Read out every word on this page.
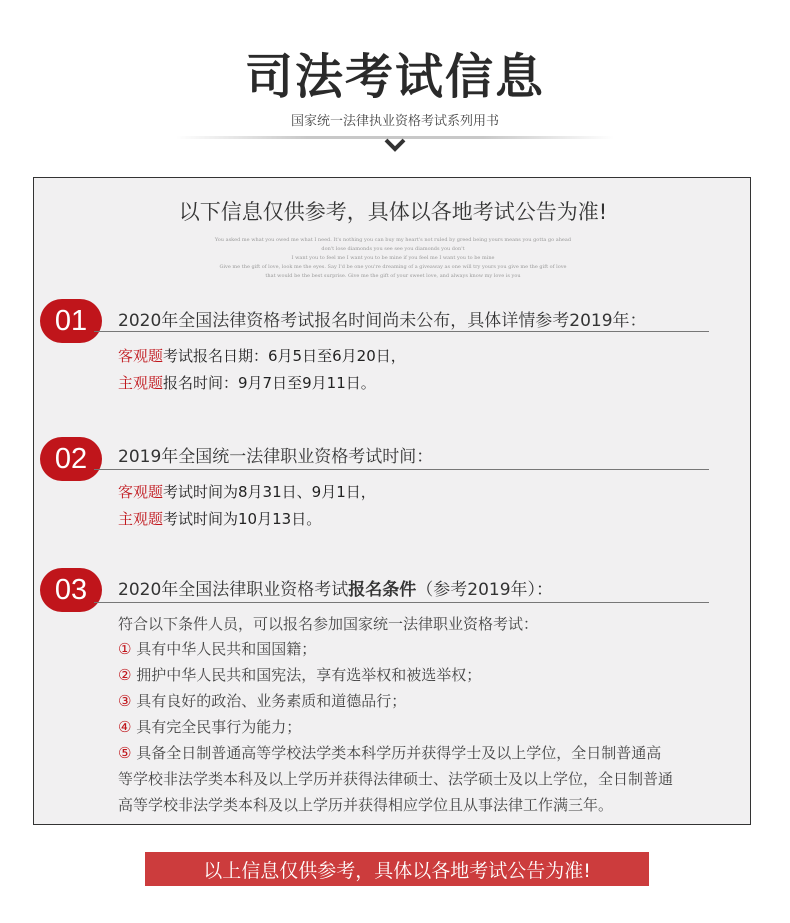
司法考试信息
国家统一法律执业资格考试系列用书
以下信息仅供参考，具体以各地考试公告为准!
You asked me what you owed me what I need. It's nothing you can buy my heart's not ruled by greed being yours means you gotta go ahead
don't lose diamonds you see see you diamonds you don't
I want you to feel me I want you to be mine if you feel me I want you to be mine
Give me the gift of love, look me the eyes. Say I'd be one you're dreaming of a giveaway as one will try yours you give me the gift of love
that would be the best surprise. Give me the gift of your sweet love, and always know my love is you
01	2020年全国法律资格考试报名时间尚未公布，具体详情参考2019年：
客观题考试报名日期：6月5日至6月20日，
主观题报名时间：9月7日至9月11日。
02	2019年全国统一法律职业资格考试时间：
客观题考试时间为8月31日、9月1日，
主观题考试时间为10月13日。
03	2020年全国法律职业资格考试报名条件（参考2019年）：
符合以下条件人员，可以报名参加国家统一法律职业资格考试：
① 具有中华人民共和国国籍；
② 拥护中华人民共和国宪法，享有选举权和被选举权；
③ 具有良好的政治、业务素质和道德品行；
④ 具有完全民事行为能力；
⑤ 具备全日制普通高等学校法学类本科学历并获得学士及以上学位，全日制普通高
等学校非法学类本科及以上学历并获得法律硕士、法学硕士及以上学位，全日制普通
高等学校非法学类本科及以上学历并获得相应学位且从事法律工作满三年。
以上信息仅供参考，具体以各地考试公告为准!
